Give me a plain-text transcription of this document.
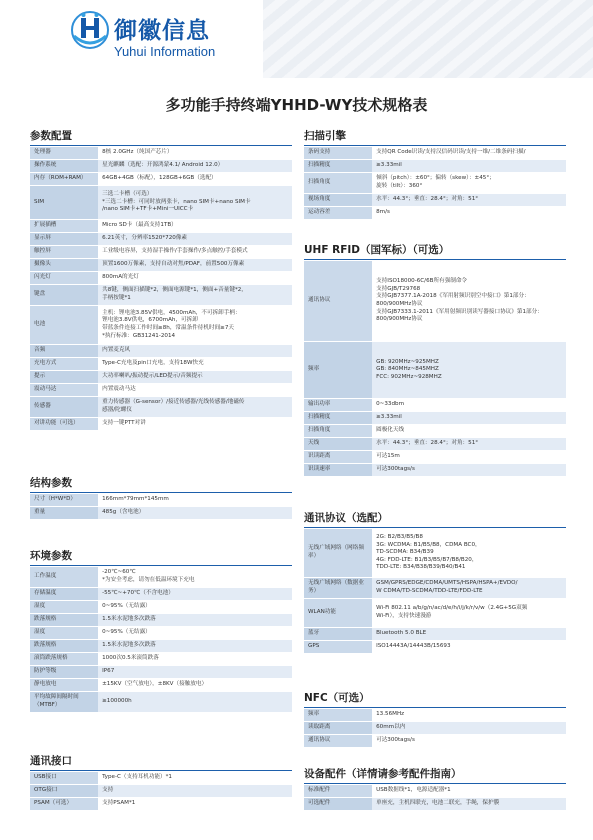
御徽信息
Yuhui Information
多功能手持终端YHHD-WY技术规格表
参数配置
处理器	8核 2.0GHz（纯国产芯片）

操作系统	星光麒麟（选配：开源鸿蒙4.1/ Android 12.0）

内存（ROM+RAM）	64GB+4GB（标配），128GB+6GB（选配）

SIM	三选二卡槽（可选）
*三选二卡槽：可同时放两张卡，nano SIM卡+nano SIM卡
/nano SIM卡+TF卡+Mini一UICC卡

扩展插槽	Micro SD卡（最高支持1TB）

显示屏	6.21英寸，分辨率1520*720像素

触控屏	工业级电容屏，支持湿手操作/手套操作/多点触控/手套模式

摄像头	顶置1600万像素，支持自动对焦/PDAF，前置500万像素

闪光灯	800mA的光灯

键盘	共8键，侧面扫描键*2，侧面电源键*1，侧面+音量键*2，
手柄按键*1

电池	主机：锂电池3.85V供电，4500mAh，不可拆卸手柄：
锂电池3.8V供电，6700mAh，可拆卸
带蓝条件连接工作时间≥8h，常温条件待机时间≥7天
*执行标准：GB31241-2014

音频	内置麦克风

充电方式	Type-C充电及pin口充电，支持18W快充

提示	大功率喇叭/振动提示/LED提示/音频提示

震动马达	内置震动马达

传感器	重力传感器（G-sensor）/接近传感器/光线传感器/地磁传
感器/陀螺仪

对讲功能（可选）	支持一键PTT对讲
结构参数
尺寸（H*W*D）	166mm*79mm*145mm

重量	485g（含电池）
环境参数
工作温度	-20℃~60℃
*为安全考虑，请勿在低温环境下充电

存储温度	-55℃~+70℃（不含电池）

湿度	0~95%（无结露）

跌落规格	1.5米水泥地多次跌落

湿度	0~95%（无结露）

跌落规格	1.5米水泥地多次跌落

滚筒跌落规格	1000次0.5米滚筒跌落

防护等级	IP67

静电放电	±15KV（空气放电），±8KV（接触放电）

平均故障间隔时间（MTBF）	≥100000h
通讯接口
USB接口	Type-C（支持耳机功能）*1

OTG接口	支持

PSAM（可选）	支持PSAM*1
扫描引擎
条码支持	支持QR Code识读/支持汉信码识读/支持一维/二维条码扫描/

扫描精度	≥3.33mil

扫描角度	倾斜（pitch）：±60°；偏转（skew）：±45°；
旋转（tilt）：360°

视场角度	水平：44.3°；垂直：28.4°；对角：51°

运动容差	8m/s
UHF RFID（国军标）（可选）
通讯协议	支持ISO18000-6C/6B所有强制命令
支持GJB/T29768
支持GJB7377.1A-2018《军用射频识别空中接口》第1部分：800/900MHz协议
支持GJB7333.1-2011《军用射频识别读写器接口协议》第1部分：800/900MHz协议

频率	GB: 920MHz~925MHZ
GB: 840MHz~845MHZ
FCC: 902MHz~928MHZ

输出功率	0~33dbm

扫描精度	≥3.33mil

扫描角度	圆极化天线

天线	水平：44.3°；垂直：28.4°；对角：51°

识读距离	可达15m

识读速率	可达300tags/s
通讯协议（选配）
无线广域网络（网络频率）	2G: B2/B3/B5/B8
3G: WCDMA: B1/B5/B8，CDMA BC0，
TD-SCDMA: B34/B39
4G: FDD-LTE: B1/B3/B5/B7/B8/B20，
TDD-LTE: B34/B38/B39/B40/B41

无线广域网络（数据业务）	GSM/GPRS/EDGE/CDMA/UMTS/HSPA/HSPA+/EVDO/
W CDMA/TD-SCDMA/TDD-LTE/FDD-LTE

WLAN功能	Wi-Fi 802.11 a/b/g/n/ac/d/e/h/i/j/k/r/v/w（2.4G+5G双频
Wi-Fi），支持快速漫游

蓝牙	Bluetooth 5.0 BLE

GPS	ISO14443A/14443B/15693
NFC（可选）
频率	13.56MHz

读取距离	60mm以内

通讯协议	可达300tags/s
设备配件（详情请参考配件指南）
标准配件	USB数据线*1，电源适配器*1

可选配件	单座充，主机四联充，电池二联充，手绳，保护膜
